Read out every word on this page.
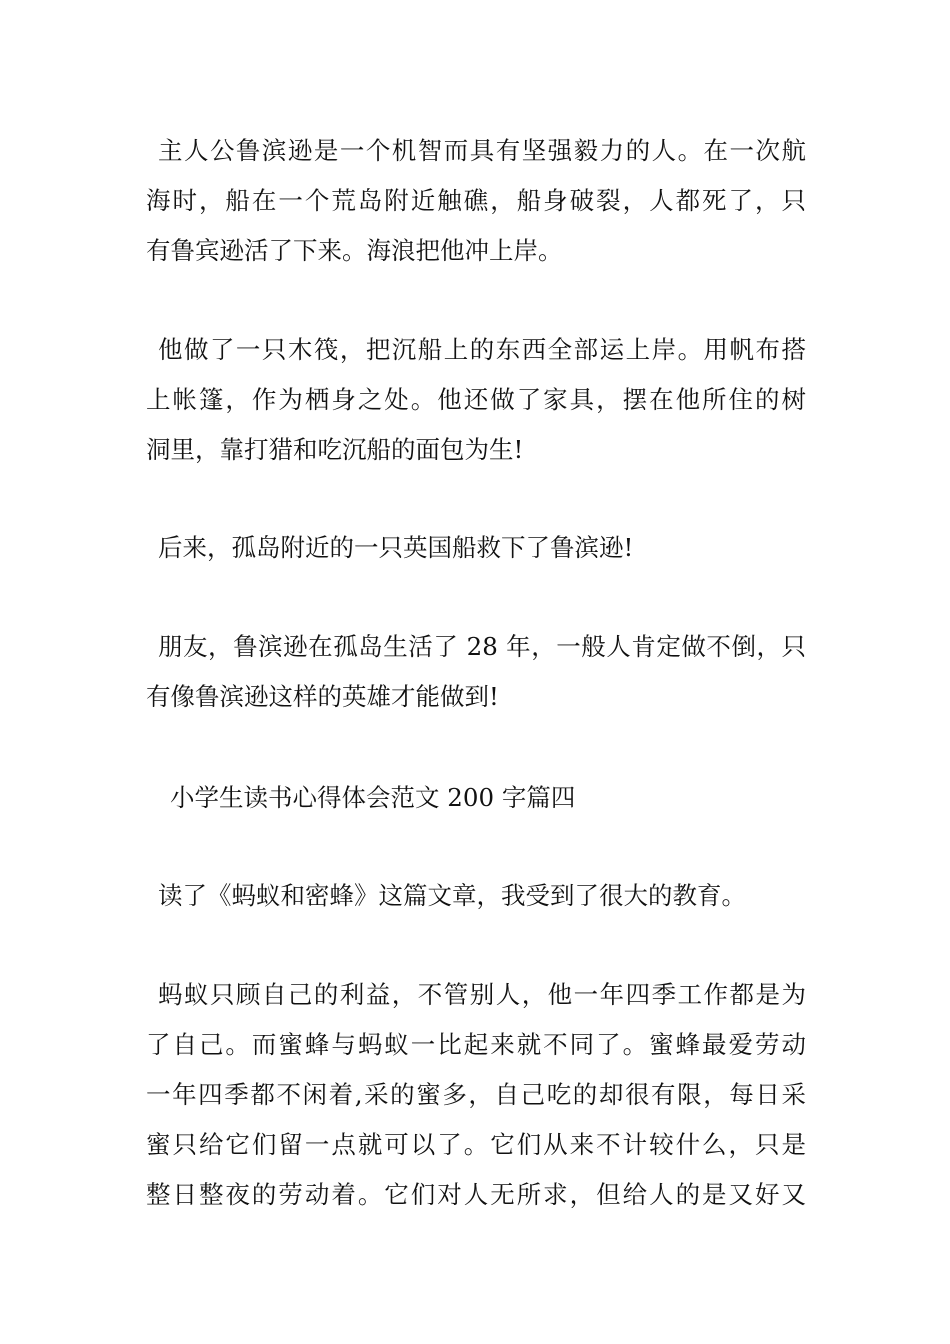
主人公鲁滨逊是一个机智而具有坚强毅力的人。在一次航
海时，船在一个荒岛附近触礁，船身破裂，人都死了，只
有鲁宾逊活了下来。海浪把他冲上岸。
他做了一只木筏，把沉船上的东西全部运上岸。用帆布搭
上帐篷，作为栖身之处。他还做了家具，摆在他所住的树
洞里，靠打猎和吃沉船的面包为生!
后来，孤岛附近的一只英国船救下了鲁滨逊!
朋友，鲁滨逊在孤岛生活了 28 年，一般人肯定做不倒，只
有像鲁滨逊这样的英雄才能做到!
小学生读书心得体会范文 200 字篇四
读了《蚂蚁和密蜂》这篇文章，我受到了很大的教育。
蚂蚁只顾自己的利益，不管别人，他一年四季工作都是为
了自己。而蜜蜂与蚂蚁一比起来就不同了。蜜蜂最爱劳动
一年四季都不闲着,采的蜜多，自己吃的却很有限，每日采
蜜只给它们留一点就可以了。它们从来不计较什么，只是
整日整夜的劳动着。它们对人无所求，但给人的是又好又
